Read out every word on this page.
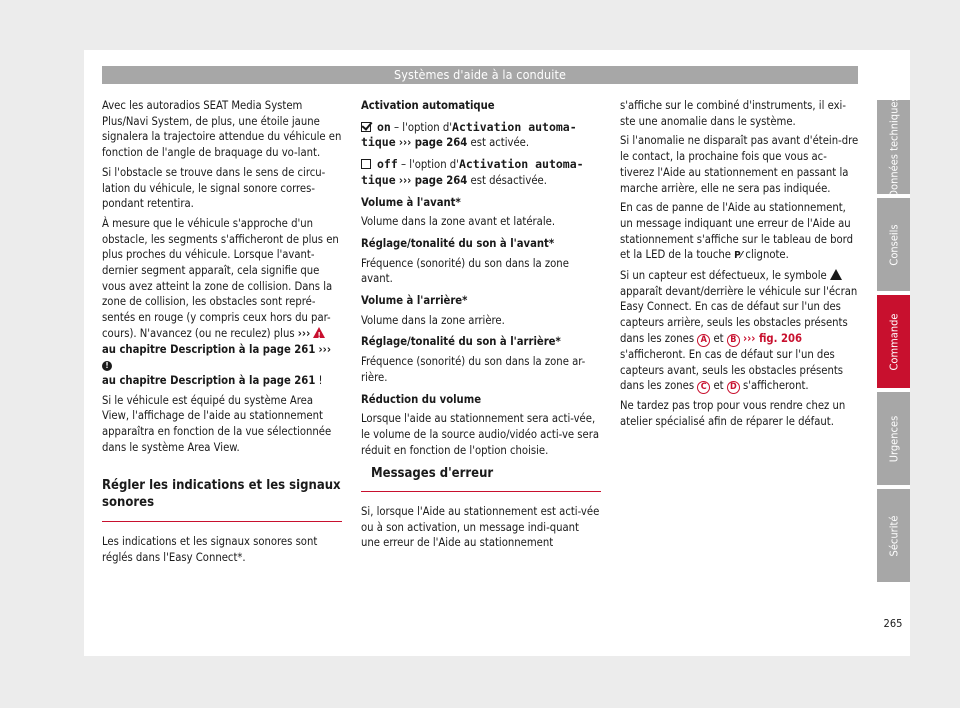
Systèmes d'aide à la conduite

Avec les autoradios SEAT Media System Plus/Navi System, de plus, une étoile jaune signalera la trajectoire attendue du véhicule en fonction de l'angle de braquage du vo-lant.

Si l'obstacle se trouve dans le sens de circu-lation du véhicule, le signal sonore corres-pondant retentira.

À mesure que le véhicule s'approche d'un obstacle, les segments s'afficheront de plus en plus proches du véhicule. Lorsque l'avant-dernier segment apparaît, cela signifie que vous avez atteint la zone de collision. Dans la zone de collision, les obstacles sont repré-sentés en rouge (y compris ceux hors du par-cours). N'avancez (ou ne reculez) plus ››› !
au chapitre Description à la page 261 ››› !
au chapitre Description à la page 261 !

Si le véhicule est équipé du système Area View, l'affichage de l'aide au stationnement apparaîtra en fonction de la vue sélectionnée dans le système Area View.

Régler les indications et les signaux sonores

Les indications et les signaux sonores sont réglés dans l'Easy Connect*.

Activation automatique

on – l'option d'Activation automa-tique ››› page 264 est activée.

off – l'option d'Activation automa-tique ››› page 264 est désactivée.

Volume à l'avant*

Volume dans la zone avant et latérale.

Réglage/tonalité du son à l'avant*

Fréquence (sonorité) du son dans la zone avant.

Volume à l'arrière*

Volume dans la zone arrière.

Réglage/tonalité du son à l'arrière*

Fréquence (sonorité) du son dans la zone ar-rière.

Réduction du volume

Lorsque l'aide au stationnement sera acti-vée, le volume de la source audio/vidéo acti-ve sera réduit en fonction de l'option choisie.

Messages d'erreur

Si, lorsque l'Aide au stationnement est acti-vée ou à son activation, un message indi-quant une erreur de l'Aide au stationnement

s'affiche sur le combiné d'instruments, il exi-ste une anomalie dans le système.

Si l'anomalie ne disparaît pas avant d'étein-dre le contact, la prochaine fois que vous ac-tiverez l'Aide au stationnement en passant la marche arrière, elle ne sera pas indiquée.

En cas de panne de l'Aide au stationnement, un message indiquant une erreur de l'Aide au stationnement s'affiche sur le tableau de bord et la LED de la touche P⁄ clignote.

Si un capteur est défectueux, le symbole  apparaît devant/derrière le véhicule sur l'écran Easy Connect. En cas de défaut sur l'un des capteurs arrière, seuls les obstacles présents dans les zones A et B ››› fig. 206 s'afficheront. En cas de défaut sur l'un des capteurs avant, seuls les obstacles présents dans les zones C et D s'afficheront.

Ne tardez pas trop pour vous rendre chez un atelier spécialisé afin de réparer le défaut.

Données techniques
Conseils
Commande
Urgences
Sécurité
265
